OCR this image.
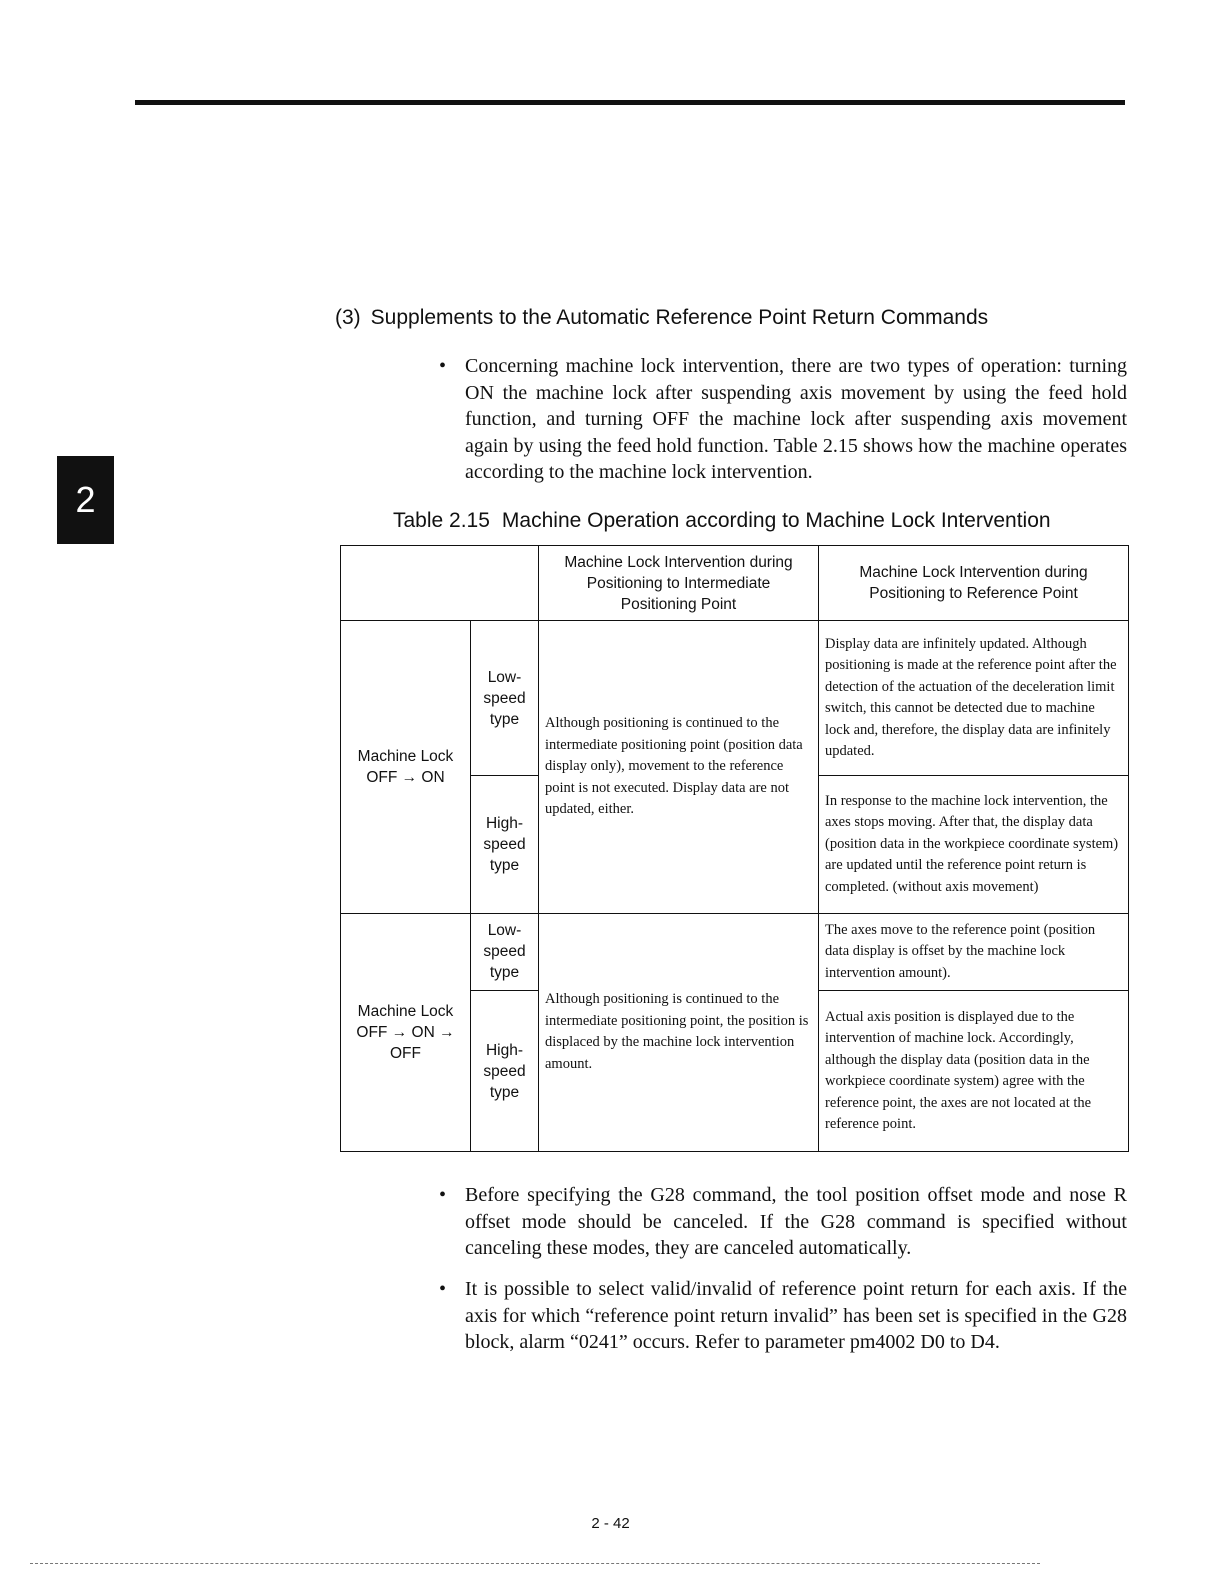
2
(3) Supplements to the Automatic Reference Point Return Commands
• Concerning machine lock intervention, there are two types of operation: turning ON the machine lock after suspending axis movement by using the feed hold function, and turning OFF the machine lock after suspending axis movement again by using the feed hold function. Table 2.15 shows how the machine operates according to the machine lock intervention.
Table 2.15 Machine Operation according to Machine Lock Intervention

		Machine Lock Intervention during Positioning to Intermediate Positioning Point	Machine Lock Intervention during Positioning to Reference Point

Machine Lock OFF → ON	Low-speed type	Although positioning is continued to the intermediate positioning point (position data display only), movement to the reference point is not executed. Display data are not updated, either.	Display data are infinitely updated. Although positioning is made at the reference point after the detection of the actuation of the deceleration limit switch, this cannot be detected due to machine lock and, therefore, the display data are infinitely updated.

	High-speed type		In response to the machine lock intervention, the axes stops moving. After that, the display data (position data in the workpiece coordinate system) are updated until the reference point return is completed. (without axis movement)

Machine Lock OFF → ON → OFF	Low-speed type	Although positioning is continued to the intermediate positioning point, the position is displaced by the machine lock intervention amount.	The axes move to the reference point (position data display is offset by the machine lock intervention amount).

	High-speed type		Actual axis position is displayed due to the intervention of machine lock. Accordingly, although the display data (position data in the workpiece coordinate system) agree with the reference point, the axes are not located at the reference point.
• Before specifying the G28 command, the tool position offset mode and nose R offset mode should be canceled. If the G28 command is specified without canceling these modes, they are canceled automatically.
• It is possible to select valid/invalid of reference point return for each axis. If the axis for which “reference point return invalid” has been set is specified in the G28 block, alarm “0241” occurs. Refer to parameter pm4002 D0 to D4.
2 - 42
